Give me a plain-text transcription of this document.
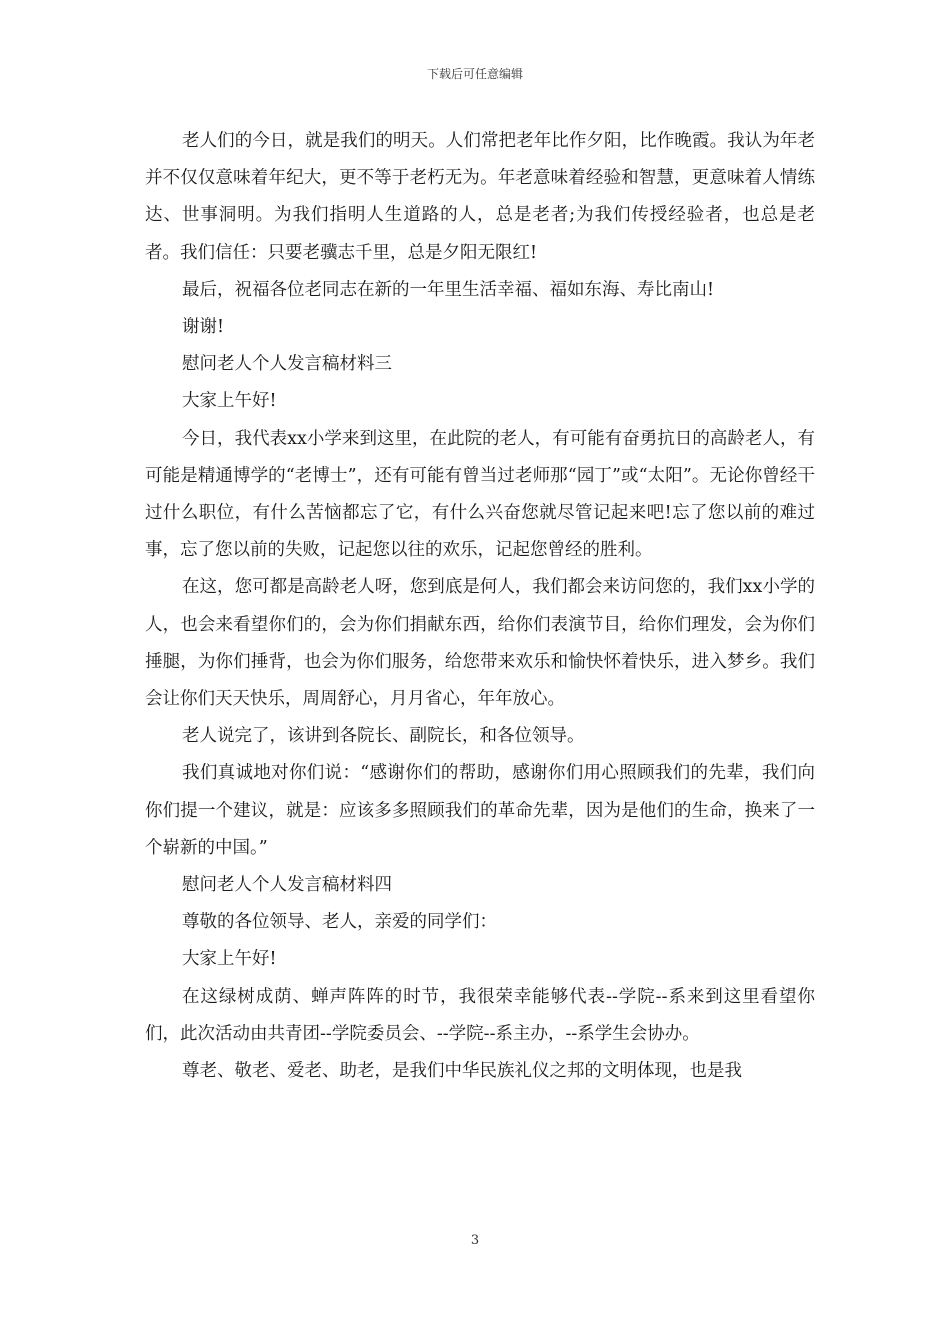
下载后可任意编辑

老人们的今日，就是我们的明天。人们常把老年比作夕阳，比作晚霞。我认为年老并不仅仅意味着年纪大，更不等于老朽无为。年老意味着经验和智慧，更意味着人情练达、世事洞明。为我们指明人生道路的人，总是老者;为我们传授经验者，也总是老者。我们信任：只要老骥志千里，总是夕阳无限红!

最后，祝福各位老同志在新的一年里生活幸福、福如东海、寿比南山!

谢谢!

慰问老人个人发言稿材料三

大家上午好!

今日，我代表xx小学来到这里，在此院的老人，有可能有奋勇抗日的高龄老人，有可能是精通博学的“老博士”，还有可能有曾当过老师那“园丁”或“太阳”。无论你曾经干过什么职位，有什么苦恼都忘了它，有什么兴奋您就尽管记起来吧!忘了您以前的难过事，忘了您以前的失败，记起您以往的欢乐，记起您曾经的胜利。

在这，您可都是高龄老人呀，您到底是何人，我们都会来访问您的，我们xx小学的人，也会来看望你们的，会为你们捐献东西，给你们表演节目，给你们理发，会为你们捶腿，为你们捶背，也会为你们服务，给您带来欢乐和愉快怀着快乐，进入梦乡。我们会让你们天天快乐，周周舒心，月月省心，年年放心。

老人说完了，该讲到各院长、副院长，和各位领导。

我们真诚地对你们说：“感谢你们的帮助，感谢你们用心照顾我们的先辈，我们向你们提一个建议，就是：应该多多照顾我们的革命先辈，因为是他们的生命，换来了一个崭新的中国。”

慰问老人个人发言稿材料四

尊敬的各位领导、老人，亲爱的同学们：

大家上午好!

在这绿树成荫、蝉声阵阵的时节，我很荣幸能够代表--学院--系来到这里看望你们，此次活动由共青团--学院委员会、--学院--系主办，--系学生会协办。

尊老、敬老、爱老、助老，是我们中华民族礼仪之邦的文明体现，也是我

3
